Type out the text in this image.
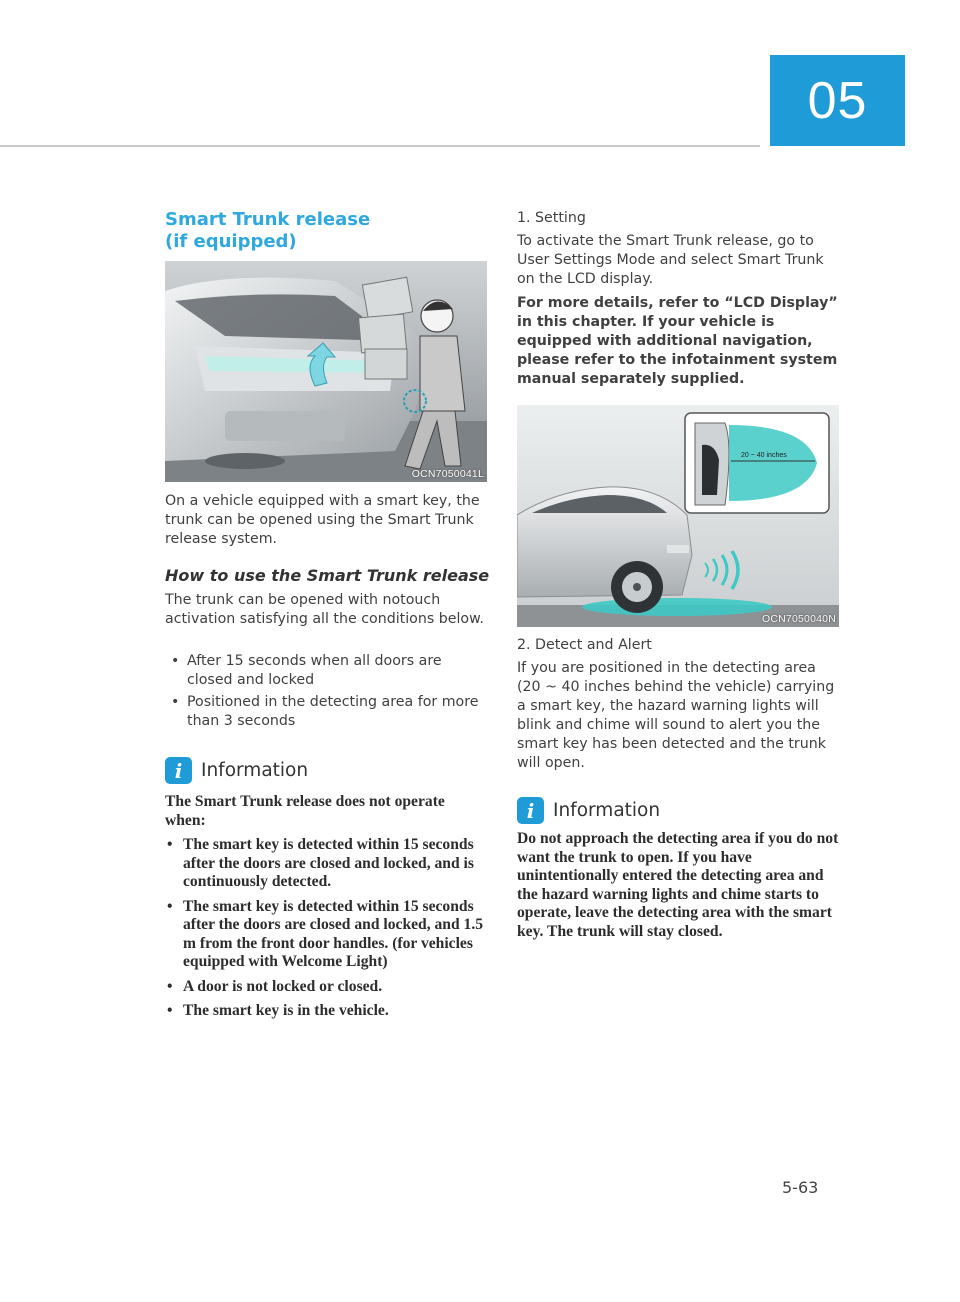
05
Smart Trunk release
(if equipped)
OCN7050041L

On a vehicle equipped with a smart key, the trunk can be opened using the Smart Trunk release system.

How to use the Smart Trunk release

The trunk can be opened with notouch activation satisfying all the conditions below.

• After 15 seconds when all doors are closed and locked
• Positioned in the detecting area for more than 3 seconds
i	Information

The Smart Trunk release does not operate when:

• The smart key is detected within 15 seconds after the doors are closed and locked, and is continuously detected.
• The smart key is detected within 15 seconds after the doors are closed and locked, and 1.5 m from the front door handles. (for vehicles equipped with Welcome Light)
• A door is not locked or closed.
• The smart key is in the vehicle.
1. Setting

To activate the Smart Trunk release, go to User Settings Mode and select Smart Trunk on the LCD display.

For more details, refer to “LCD Display” in this chapter. If your vehicle is equipped with additional navigation, please refer to the infotainment system manual separately supplied.

20 ~ 40 inches
OCN7050040N
2. Detect and Alert

If you are positioned in the detecting area (20 ~ 40 inches behind the vehicle) carrying a smart key, the hazard warning lights will blink and chime will sound to alert you the smart key has been detected and the trunk will open.

i	Information

Do not approach the detecting area if you do not want the trunk to open. If you have unintentionally entered the detecting area and the hazard warning lights and chime starts to operate, leave the detecting area with the smart key. The trunk will stay closed.

5-63
